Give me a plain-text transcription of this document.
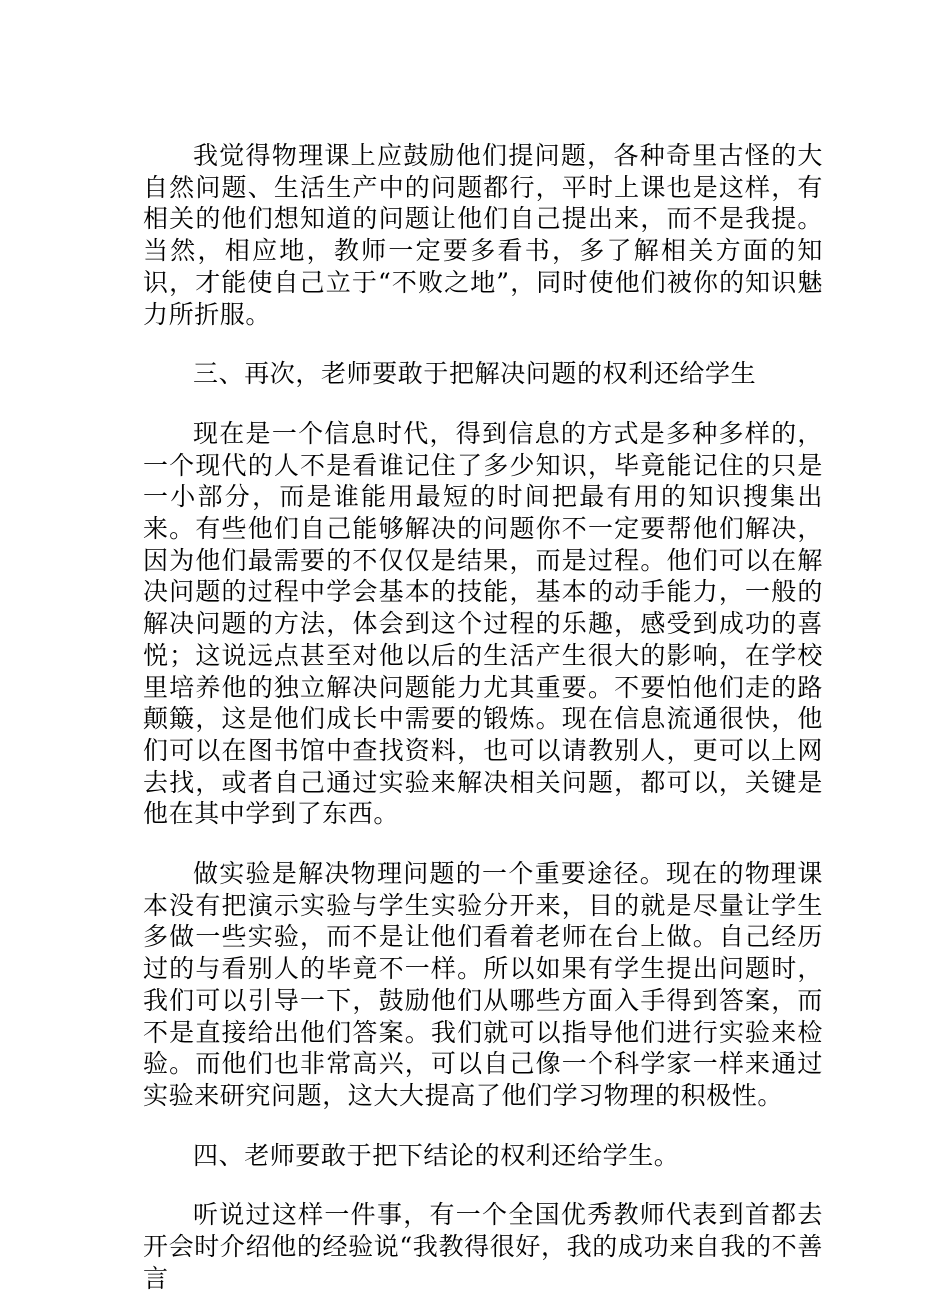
我觉得物理课上应鼓励他们提问题，各种奇里古怪的大自然问题、生活生产中的问题都行，平时上课也是这样，有相关的他们想知道的问题让他们自己提出来，而不是我提。当然，相应地，教师一定要多看书，多了解相关方面的知识，才能使自己立于“不败之地”，同时使他们被你的知识魅力所折服。

三、再次，老师要敢于把解决问题的权利还给学生

现在是一个信息时代，得到信息的方式是多种多样的，一个现代的人不是看谁记住了多少知识，毕竟能记住的只是一小部分，而是谁能用最短的时间把最有用的知识搜集出来。有些他们自己能够解决的问题你不一定要帮他们解决，因为他们最需要的不仅仅是结果，而是过程。他们可以在解决问题的过程中学会基本的技能，基本的动手能力，一般的解决问题的方法，体会到这个过程的乐趣，感受到成功的喜悦；这说远点甚至对他以后的生活产生很大的影响，在学校里培养他的独立解决问题能力尤其重要。不要怕他们走的路颠簸，这是他们成长中需要的锻炼。现在信息流通很快，他们可以在图书馆中查找资料，也可以请教别人，更可以上网去找，或者自己通过实验来解决相关问题，都可以，关键是他在其中学到了东西。

做实验是解决物理问题的一个重要途径。现在的物理课本没有把演示实验与学生实验分开来，目的就是尽量让学生多做一些实验，而不是让他们看着老师在台上做。自己经历过的与看别人的毕竟不一样。所以如果有学生提出问题时，我们可以引导一下，鼓励他们从哪些方面入手得到答案，而不是直接给出他们答案。我们就可以指导他们进行实验来检验。而他们也非常高兴，可以自己像一个科学家一样来通过实验来研究问题，这大大提高了他们学习物理的积极性。

四、老师要敢于把下结论的权利还给学生。

听说过这样一件事，有一个全国优秀教师代表到首都去开会时介绍他的经验说“我教得很好，我的成功来自我的不善言
